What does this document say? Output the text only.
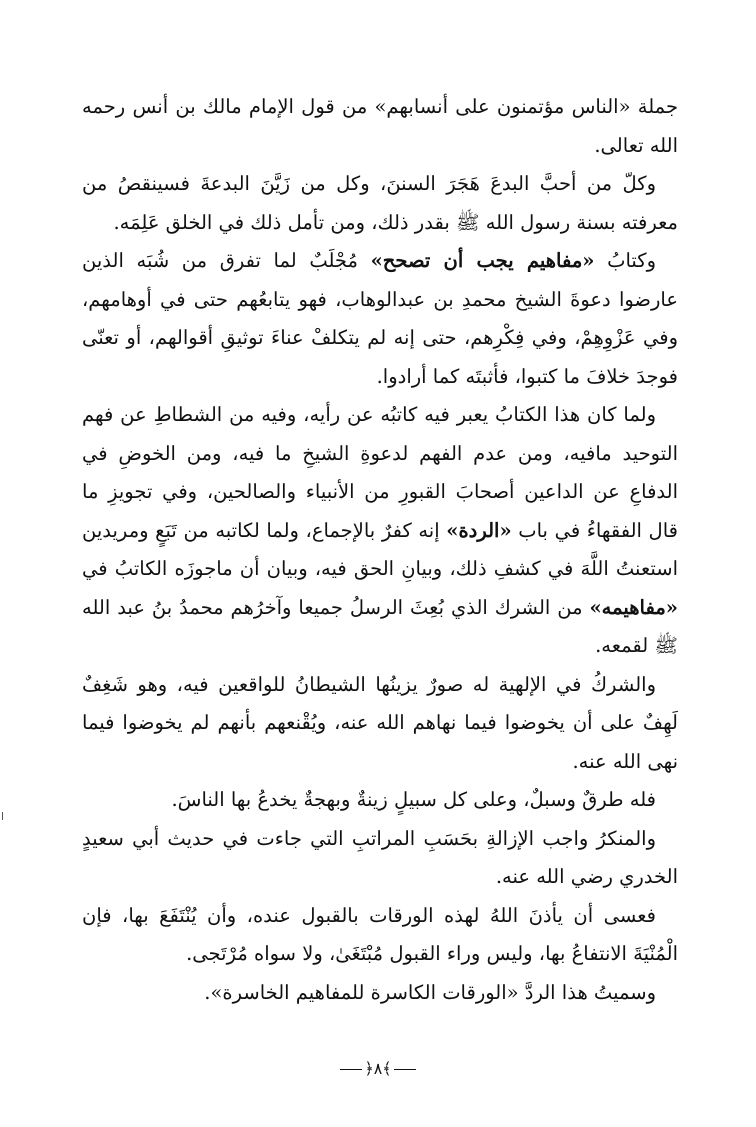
جملة «الناس مؤتمنون على أنسابهم» من قول الإمام مالك بن أنس رحمه الله تعالى.

وكلّ من أحبَّ البدعَ هَجَرَ السننَ، وكل من زَيَّنَ البدعةَ فسينقصُ من معرفته بسنة رسول الله ﷺ بقدر ذلك، ومن تأمل ذلك في الخلق عَلِمَه.

وكتابُ «مفاهيم يجب أن تصحح» مُجْلَبٌ لما تفرق من شُبَه الذين عارضوا دعوةَ الشيخ محمدِ بن عبدالوهاب، فهو يتابعُهم حتى في أوهامهم، وفي عَزْوِهِمْ، وفي فِكْرِهم، حتى إنه لم يتكلفْ عناءَ توثيقِ أقوالهم، أو تعنّى فوجدَ خلافَ ما كتبوا، فأثبتَه كما أرادوا.

ولما كان هذا الكتابُ يعبر فيه كاتبُه عن رأيه، وفيه من الشطاطِ عن فهم التوحيد مافيه، ومن عدم الفهم لدعوةِ الشيخِ ما فيه، ومن الخوضِ في الدفاعِ عن الداعين أصحابَ القبورِ من الأنبياء والصالحين، وفي تجويزِ ما قال الفقهاءُ في باب «الردة» إنه كفرٌ بالإجماع، ولما لكاتبه من تَبَعٍ ومريدين استعنتُ اللَّهَ في كشفِ ذلك، وبيانِ الحق فيه، وبيان أن ماجوزَه الكاتبُ في «مفاهيمه» من الشرك الذي بُعِثَ الرسلُ جميعا وآخرُهم محمدُ بنُ عبد الله ﷺ لقمعه.

والشركُ في الإلهية له صورٌ يزينُها الشيطانُ للواقعين فيه، وهو شَغِفٌ لَهِفٌ على أن يخوضوا فيما نهاهم الله عنه، ويُقْنعهم بأنهم لم يخوضوا فيما نهى الله عنه.

فله طرقٌ وسبلٌ، وعلى كل سبيلٍ زينةٌ وبهجةٌ يخدعُ بها الناسَ.

والمنكرُ واجب الإزالةِ بحَسَبِ المراتبِ التي جاءت في حديث أبي سعيدٍ الخدري رضي الله عنه.

فعسى أن يأذنَ اللهُ لهذه الورقات بالقبول عنده، وأن يُنْتَفَعَ بها، فإن الْمُنْيَةَ الانتفاعُ بها، وليس وراء القبول مُبْتَغَىٰ، ولا سواه مُرْتَجى.

وسميتُ هذا الردَّ «الورقات الكاسرة للمفاهيم الخاسرة».

﴿٨﴾
